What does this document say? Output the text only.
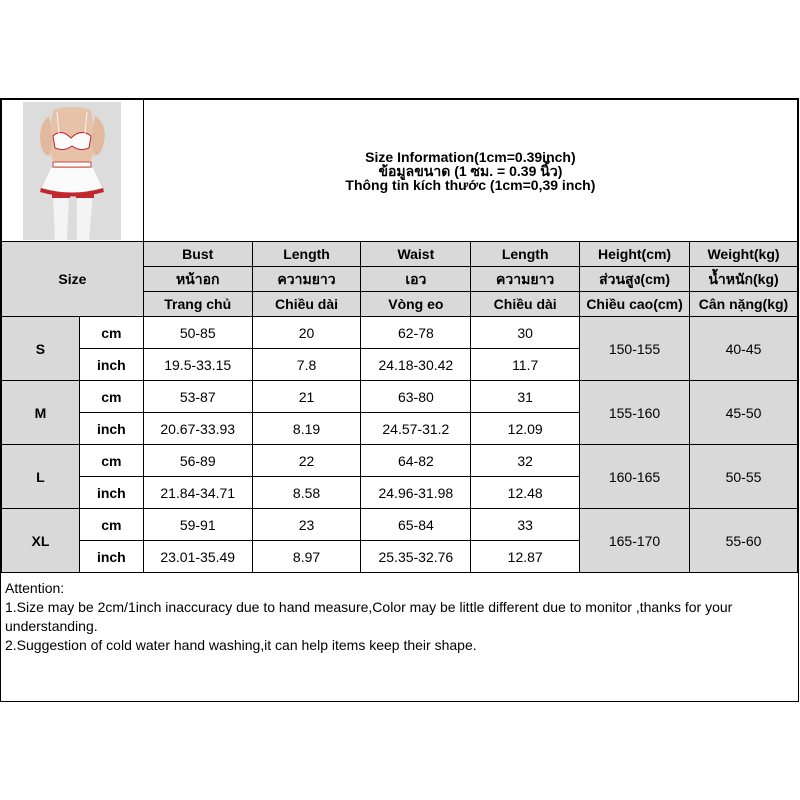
Size Information(1cm=0.39inch)
ข้อมูลขนาด (1 ซม. = 0.39 นิ้ว)
Thông tin kích thước (1cm=0,39 inch)					

Size		Bust	Length	Waist	Length	Height(cm)	Weight(kg)
		หน้าอก	ความยาว	เอว	ความยาว	ส่วนสูง(cm)	น้ำหนัก(kg)
		Trang chủ	Chiều dài	Vòng eo	Chiều dài	Chiều cao(cm)	Cân nặng(kg)
S	cm	50-85	20	62-78	30	150-155	40-45
	inch	19.5-33.15	7.8	24.18-30.42	11.7		
M	cm	53-87	21	63-80	31	155-160	45-50
	inch	20.67-33.93	8.19	24.57-31.2	12.09		
L	cm	56-89	22	64-82	32	160-165	50-55
	inch	21.84-34.71	8.58	24.96-31.98	12.48		
XL	cm	59-91	23	65-84	33	165-170	55-60
	inch	23.01-35.49	8.97	25.35-32.76	12.87		
Attention:
1.Size may be 2cm/1inch inaccuracy due to hand measure,Color may be little different due to monitor ,thanks for your understanding.
2.Suggestion of cold water hand washing,it can help items keep their shape.
